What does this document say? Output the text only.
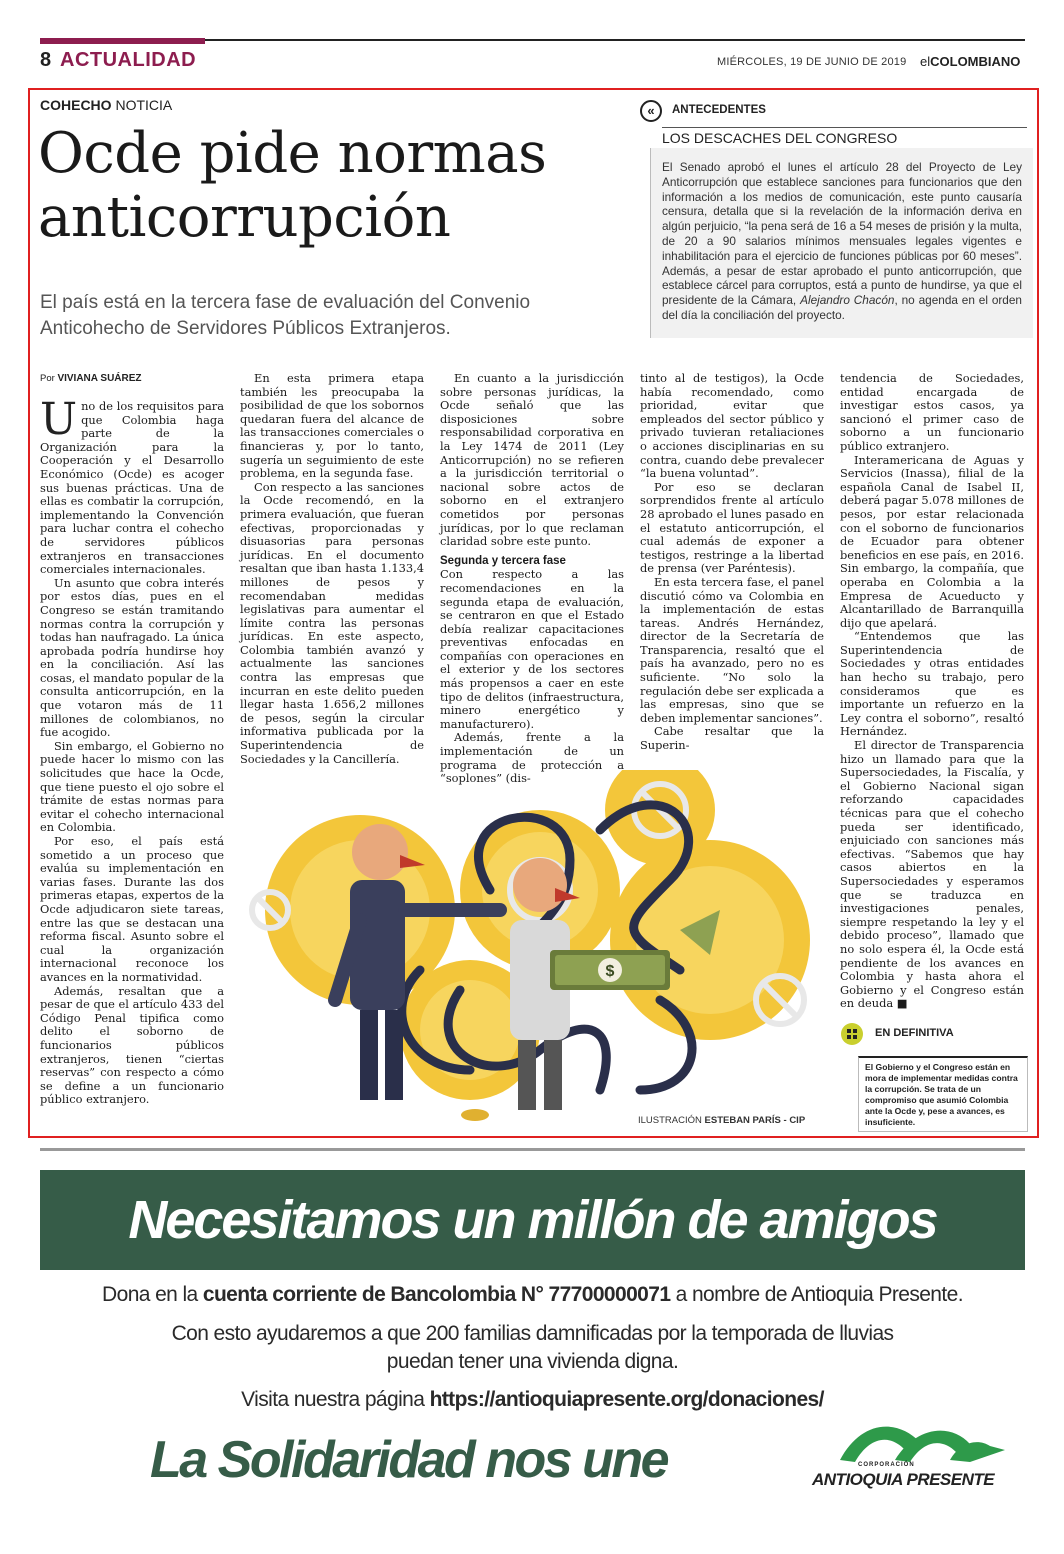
8 ACTUALIDAD	MIÉRCOLES, 19 DE JUNIO DE 2019 elCOLOMBIANO
COHECHO NOTICIA
Ocde pide normas anticorrupción
El país está en la tercera fase de evaluación del Convenio Anticohecho de Servidores Públicos Extranjeros.
«	ANTECEDENTES
LOS DESCACHES DEL CONGRESO
El Senado aprobó el lunes el artículo 28 del Proyecto de Ley Anticorrupción que establece sanciones para funcionarios que den información a los medios de comunicación, este punto causaría censura, detalla que si la revelación de la información deriva en algún perjuicio, “la pena será de 16 a 54 meses de prisión y la multa, de 20 a 90 salarios mínimos mensuales legales vigentes e inhabilitación para el ejercicio de funciones públicas por 60 meses”. Además, a pesar de estar aprobado el punto anticorrupción, que establece cárcel para corruptos, está a punto de hundirse, ya que el presidente de la Cámara, Alejandro Chacón, no agenda en el orden del día la conciliación del proyecto.
Por VIVIANA SUÁREZ

Uno de los requisitos para que Colombia haga parte de la Organización para la Cooperación y el Desarrollo Económico (Ocde) es acoger sus buenas prácticas. Una de ellas es combatir la corrupción, implementando la Convención para luchar contra el cohecho de servidores públicos extranjeros en transacciones comerciales internacionales.

Un asunto que cobra interés por estos días, pues en el Congreso se están tramitando normas contra la corrupción y todas han naufragado. La única aprobada podría hundirse hoy en la conciliación. Así las cosas, el mandato popular de la consulta anticorrupción, en la que votaron más de 11 millones de colombianos, no fue acogido.

Sin embargo, el Gobierno no puede hacer lo mismo con las solicitudes que hace la Ocde, que tiene puesto el ojo sobre el trámite de estas normas para evitar el cohecho internacional en Colombia.

Por eso, el país está sometido a un proceso que evalúa su implementación en varias fases. Durante las dos primeras etapas, expertos de la Ocde adjudicaron siete tareas, entre las que se destacan una reforma fiscal. Asunto sobre el cual la organización internacional reconoce los avances en la normatividad.

Además, resaltan que a pesar de que el artículo 433 del Código Penal tipifica como delito el soborno de funcionarios públicos extranjeros, tienen “ciertas reservas” con respecto a cómo se define a un funcionario público extranjero.

En esta primera etapa también les preocupaba la posibilidad de que los sobornos quedaran fuera del alcance de las transacciones comerciales o financieras y, por lo tanto, sugería un seguimiento de este problema, en la segunda fase.

Con respecto a las sanciones la Ocde recomendó, en la primera evaluación, que fueran efectivas, proporcionadas y disuasorias para personas jurídicas. En el documento resaltan que iban hasta 1.133,4 millones de pesos y recomendaban medidas legislativas para aumentar el límite contra las personas jurídicas. En este aspecto, Colombia también avanzó y actualmente las sanciones contra las empresas que incurran en este delito pueden llegar hasta 1.656,2 millones de pesos, según la circular informativa publicada por la Superintendencia de Sociedades y la Cancillería.

En cuanto a la jurisdicción sobre personas jurídicas, la Ocde señaló que las disposiciones sobre responsabilidad corporativa en la Ley 1474 de 2011 (Ley Anticorrupción) no se refieren a la jurisdicción territorial o nacional sobre actos de soborno en el extranjero cometidos por personas jurídicas, por lo que reclaman claridad sobre este punto.

Segunda y tercera fase

Con respecto a las recomendaciones en la segunda etapa de evaluación, se centraron en que el Estado debía realizar capacitaciones preventivas enfocadas en compañías con operaciones en el exterior y de los sectores más propensos a caer en este tipo de delitos (infraestructura, minero energético y manufacturero).

Además, frente a la implementación de un programa de protección a “soplones” (dis-

tinto al de testigos), la Ocde había recomendado, como prioridad, evitar que empleados del sector público y privado tuvieran retaliaciones o acciones disciplinarias en su contra, cuando debe prevalecer “la buena voluntad”.

Por eso se declaran sorprendidos frente al artículo 28 aprobado el lunes pasado en el estatuto anticorrupción, el cual además de exponer a testigos, restringe a la libertad de prensa (ver Paréntesis).

En esta tercera fase, el panel discutió cómo va Colombia en la implementación de estas tareas. Andrés Hernández, director de la Secretaría de Transparencia, resaltó que el país ha avanzado, pero no es suficiente. “No solo la regulación debe ser explicada a las empresas, sino que se deben implementar sanciones”.

Cabe resaltar que la Superin-

tendencia de Sociedades, entidad encargada de investigar estos casos, ya sancionó el primer caso de soborno a un funcionario público extranjero.

Interamericana de Aguas y Servicios (Inassa), filial de la española Canal de Isabel II, deberá pagar 5.078 millones de pesos, por estar relacionada con el soborno de funcionarios de Ecuador para obtener beneficios en ese país, en 2016. Sin embargo, la compañía, que operaba en Colombia a la Empresa de Acueducto y Alcantarillado de Barranquilla dijo que apelará.

“Entendemos que las Superintendencia de Sociedades y otras entidades han hecho su trabajo, pero consideramos que es importante un refuerzo en la Ley contra el soborno”, resaltó Hernández.

El director de Transparencia hizo un llamado para que la Supersociedades, la Fiscalía, y el Gobierno Nacional sigan reforzando capacidades técnicas para que el cohecho pueda ser identificado, enjuiciado con sanciones más efectivas. “Sabemos que hay casos abiertos en la Supersociedades y esperamos que se traduzca en investigaciones penales, siempre respetando la ley y el debido proceso”, llamado que no solo espera él, la Ocde está pendiente de los avances en Colombia y hasta ahora el Gobierno y el Congreso están en deuda ■

$
ILUSTRACIÓN ESTEBAN PARÍS - CIP
EN DEFINITIVA
El Gobierno y el Congreso están en mora de implementar medidas contra la corrupción. Se trata de un compromiso que asumió Colombia ante la Ocde y, pese a avances, es insuficiente.
Necesitamos un millón de amigos
Dona en la cuenta corriente de Bancolombia N° 77700000071 a nombre de Antioquia Presente.
Con esto ayudaremos a que 200 familias damnificadas por la temporada de lluvias
puedan tener una vivienda digna.
Visita nuestra página https://antioquiapresente.org/donaciones/
La Solidaridad nos une	CORPORACIÓN
ANTIOQUIA PRESENTE
